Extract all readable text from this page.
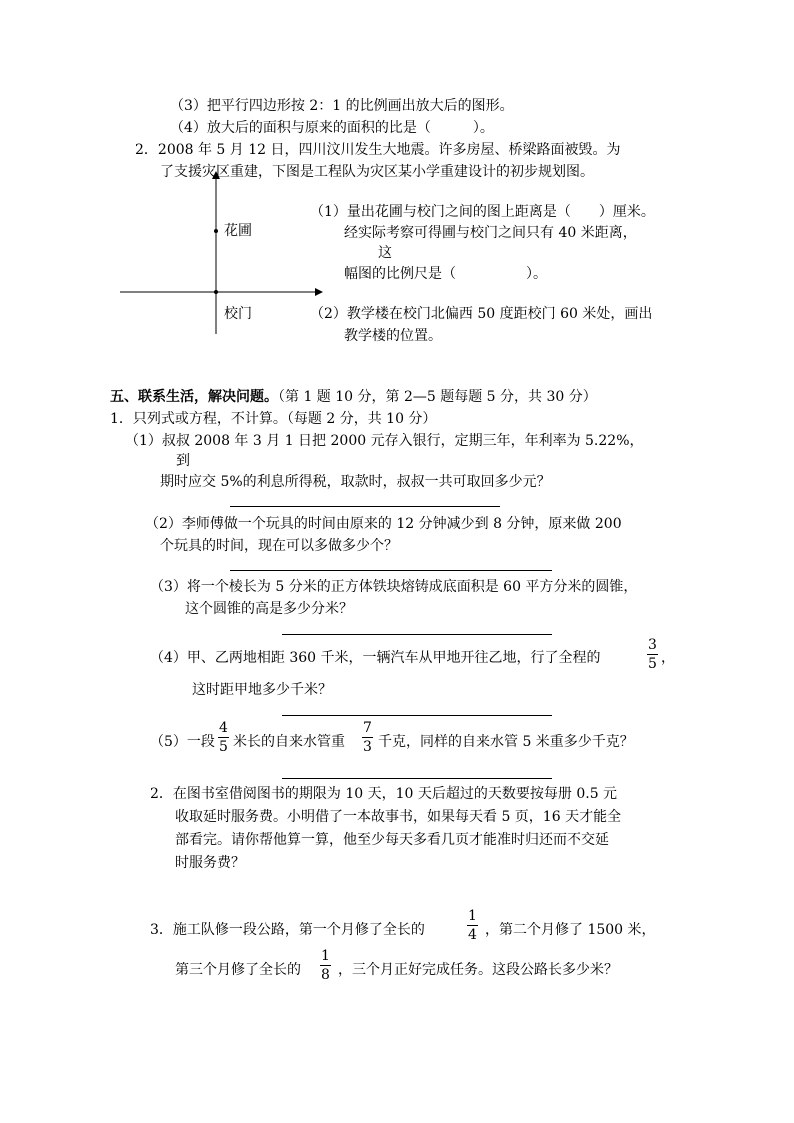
（3）把平行四边形按 2：1 的比例画出放大后的图形。
（4）放大后的面积与原来的面积的比是（　　　）。
2．2008 年 5 月 12 日，四川汶川发生大地震。许多房屋、桥梁路面被毁。为
了支援灾区重建，下图是工程队为灾区某小学重建设计的初步规划图。
花圃
校门
（1）量出花圃与校门之间的图上距离是（　　）厘米。
经实际考察可得圃与校门之间只有 40 米距离，
这
幅图的比例尺是（　　　　　）。
（2）教学楼在校门北偏西 50 度距校门 60 米处，画出
教学楼的位置。
五、联系生活，解决问题。（第 1 题 10 分，第 2—5 题每题 5 分，共 30 分）
1．只列式或方程，不计算。（每题 2 分，共 10 分）
（1）叔叔 2008 年 3 月 1 日把 2000 元存入银行，定期三年，年利率为 5.22%，
到
期时应交 5%的利息所得税，取款时，叔叔一共可取回多少元？
（2）李师傅做一个玩具的时间由原来的 12 分钟减少到 8 分钟，原来做 200
个玩具的时间，现在可以多做多少个？
（3）将一个棱长为 5 分米的正方体铁块熔铸成底面积是 60 平方分米的圆锥，
这个圆锥的高是多少分米？
（4）甲、乙两地相距 360 千米，一辆汽车从甲地开往乙地，行了全程的
3
5 ，
这时距甲地多少千米？
（5）一段
4
5 米长的自来水管重
7
3 千克，同样的自来水管 5 米重多少千克？
2．在图书室借阅图书的期限为 10 天，10 天后超过的天数要按每册 0.5 元
收取延时服务费。小明借了一本故事书，如果每天看 5 页，16 天才能全
部看完。请你帮他算一算，他至少每天多看几页才能准时归还而不交延
时服务费？
3．施工队修一段公路，第一个月修了全长的
1
4 ，第二个月修了 1500 米，
第三个月修了全长的
1
8 ，三个月正好完成任务。这段公路长多少米？
